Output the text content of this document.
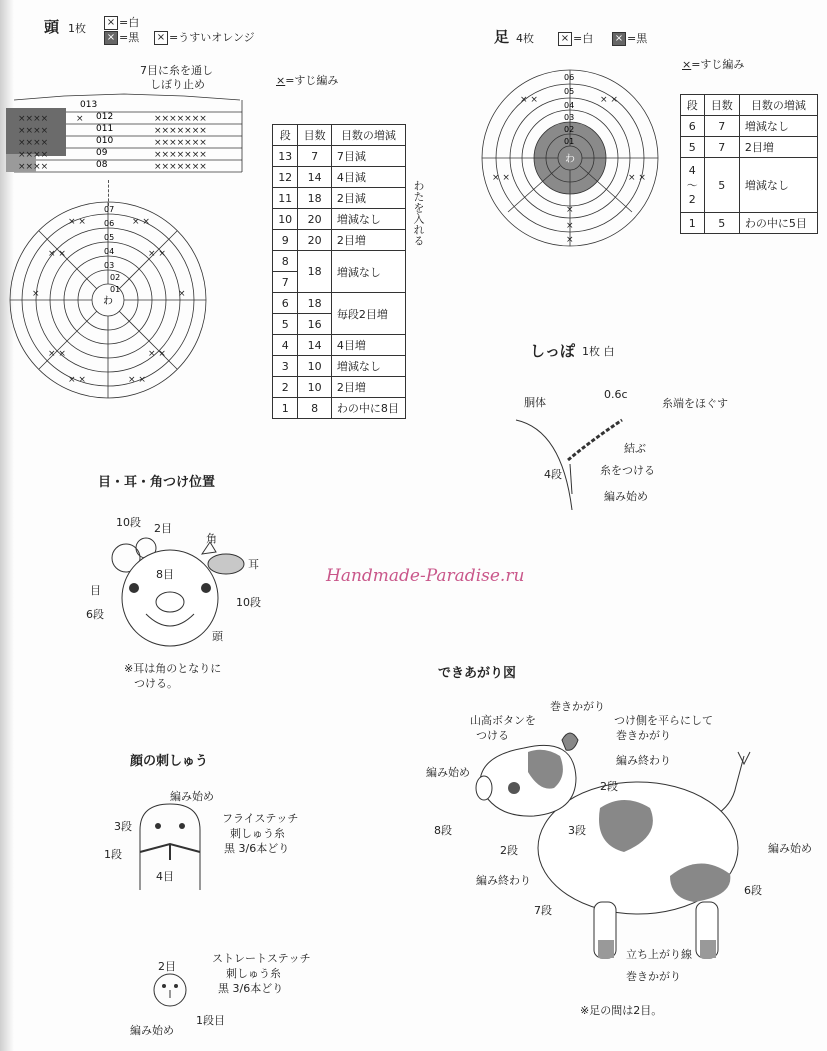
頭 1枚 × =白
× =黒 × =うすいオレンジ
7目に糸を通し
しぼり止め	×=すじ編み
××××	×	×××××××
××××	×××××××
××××	×××××××
××××	×××××××
××××	×××××××
013
012
011
010
09
08
× ×	× ×
×	×
× ×	× ×
× ×	× ×
× ×	× ×
07
06
05
04
03
02
01
わ
段	目数	目数の増減
13	7	7目減
12	14	4目減
11	18	2目減
10	20	増減なし
9	20	2目増
8	18	増減なし
7		
6	18	毎段2目増
5	16	
4	14	4目増
3	10	増減なし
2	10	2目増
1	8	わの中に8目
わたを入れる
足 4枚	× =白 × =黒
×=すじ編み
× ×	× ×
× ×	× ×
×
×
×
06
05
04
03
02
01
わ
段	目数	目数の増減
6	7	増減なし
5	7	2目増
4
～
2	5	増減なし
1	5	わの中に5目
しっぽ 1枚 白
胴体
0.6c
糸端をほぐす
結ぶ
4段	糸をつける
編み始め
目・耳・角つけ位置
10段 2目
角
耳
目
8目
6段
10段
頭
※耳は角のとなりに
つける。
Handmade-Paradise.ru
顔の刺しゅう
編み始め
3段
1段
4目
フライステッチ
刺しゅう糸
黒 3/6本どり
2目
ストレートステッチ
刺しゅう糸
黒 3/6本どり
1段目
編み始め
できあがり図
巻きかがり
山高ボタンを
つける
つけ側を平らにして
巻きかがり
編み終わり
2段
編み始め
8段	3段
2段
編み終わり
編み始め
6段
7段
立ち上がり線
巻きかがり
※足の間は2目。
